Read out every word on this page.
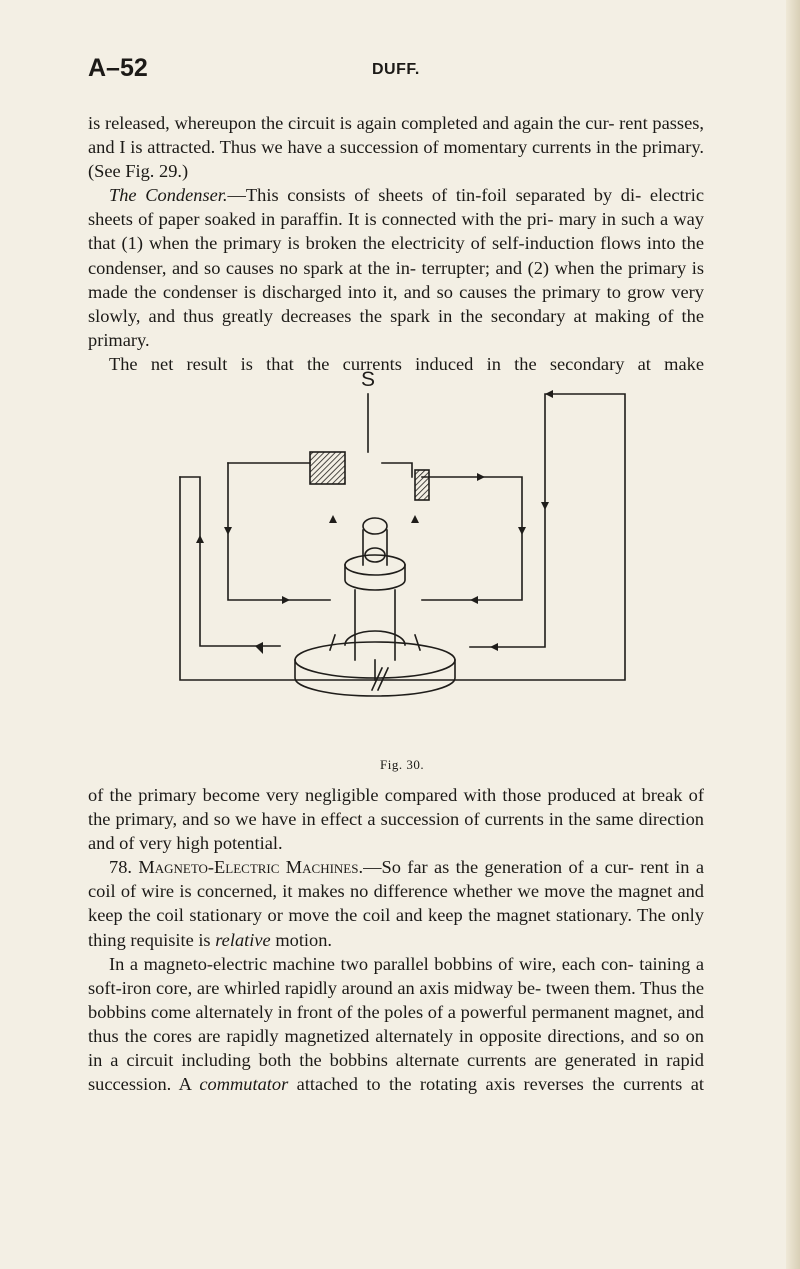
A–52	DUFF.

is released, whereupon the circuit is again completed and again the cur- rent passes, and I is attracted. Thus we have a succession of momentary currents in the primary. (See Fig. 29.)

The Condenser.—This consists of sheets of tin-foil separated by di- electric sheets of paper soaked in paraffin. It is connected with the pri- mary in such a way that (1) when the primary is broken the electricity of self-induction flows into the condenser, and so causes no spark at the in- terrupter; and (2) when the primary is made the condenser is discharged into it, and so causes the primary to grow very slowly, and thus greatly decreases the spark in the secondary at making of the primary.

The net result is that the currents induced in the secondary at make

S
Fig. 30.

of the primary become very negligible compared with those produced at break of the primary, and so we have in effect a succession of currents in the same direction and of very high potential.

78. Magneto-Electric Machines.—So far as the generation of a cur- rent in a coil of wire is concerned, it makes no difference whether we move the magnet and keep the coil stationary or move the coil and keep the magnet stationary. The only thing requisite is relative motion.

In a magneto-electric machine two parallel bobbins of wire, each con- taining a soft-iron core, are whirled rapidly around an axis midway be- tween them. Thus the bobbins come alternately in front of the poles of a powerful permanent magnet, and thus the cores are rapidly magnetized alternately in opposite directions, and so on in a circuit including both the bobbins alternate currents are generated in rapid succession. A commutator attached to the rotating axis reverses the currents at
